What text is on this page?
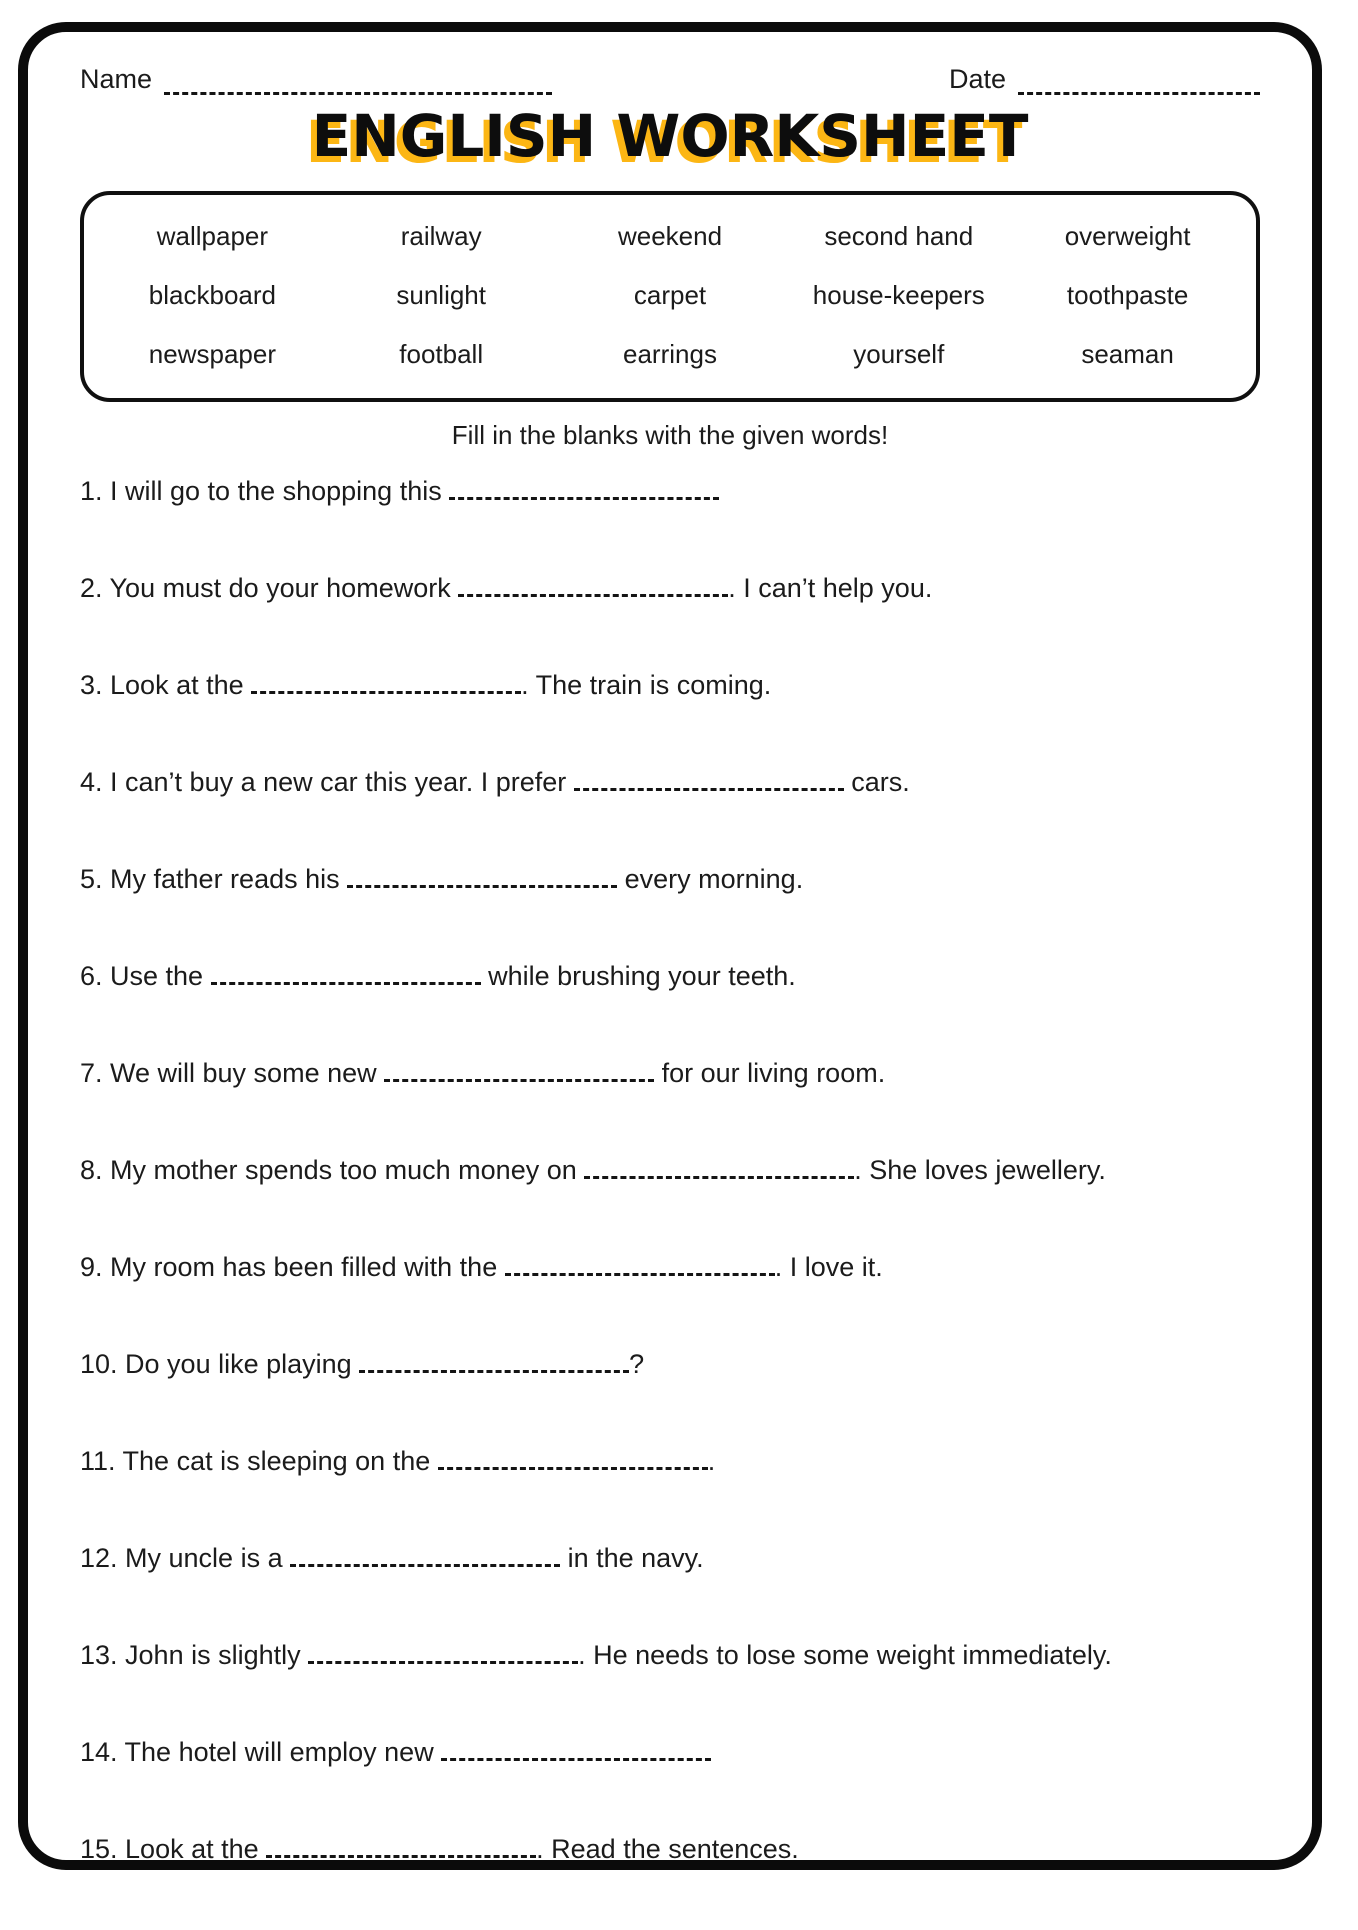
Name	Date
ENGLISH WORKSHEET
wallpaper	railway	weekend	second hand	overweight
blackboard	sunlight	carpet	house-keepers	toothpaste
newspaper	football	earrings	yourself	seaman
Fill in the blanks with the given words!
1. I will go to the shopping this
2. You must do your homework	. I can’t help you.
3. Look at the	. The train is coming.
4. I can’t buy a new car this year. I prefer	cars.
5. My father reads his	every morning.
6. Use the	while brushing your teeth.
7. We will buy some new	for our living room.
8. My mother spends too much money on	. She loves jewellery.
9. My room has been filled with the	. I love it.
10. Do you like playing	?
11. The cat is sleeping on the	.
12. My uncle is a	in the navy.
13. John is slightly	. He needs to lose some weight immediately.
14. The hotel will employ new
15. Look at the	. Read the sentences.
